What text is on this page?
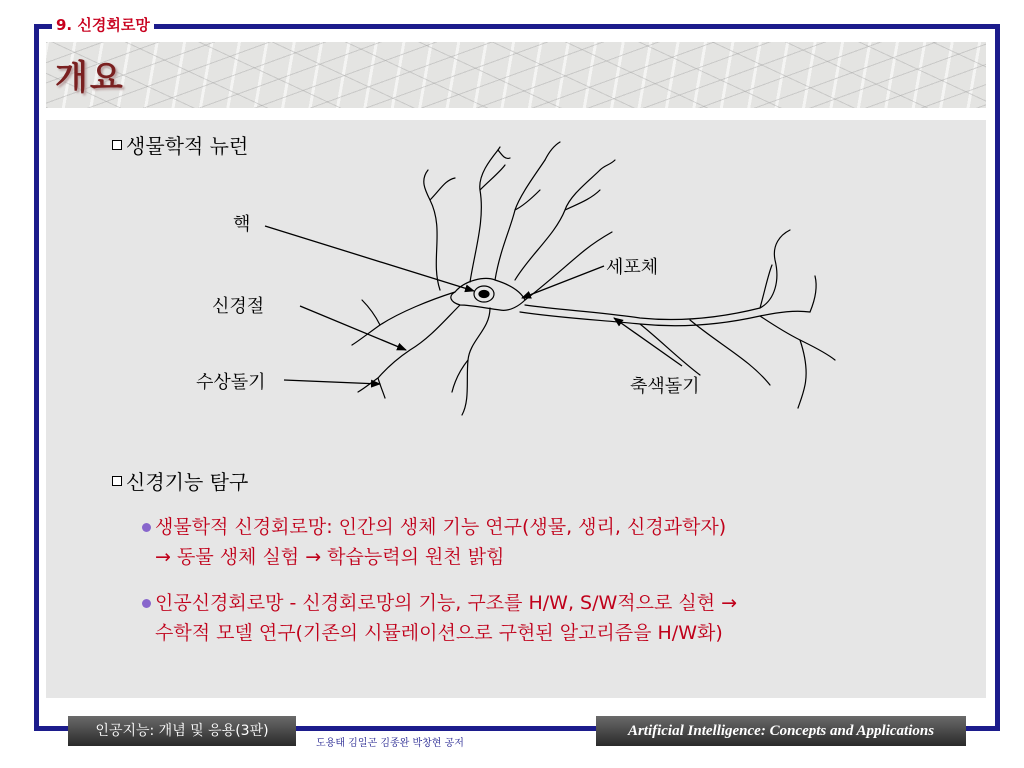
9. 신경회로망
개요
생물학적 뉴런
핵
세포체
신경절
수상돌기	축색돌기
신경기능 탐구
생물학적 신경회로망: 인간의 생체 기능 연구(생물, 생리, 신경과학자)
→ 동물 생체 실험 → 학습능력의 원천 밝힘
인공신경회로망 - 신경회로망의 기능, 구조를 H/W, S/W적으로 실현 →
수학적 모델 연구(기존의 시뮬레이션으로 구현된 알고리즘을 H/W화)
인공지능: 개념 및 응용(3판)
도용태 김일곤 김종완 박창현 공저
Artificial Intelligence: Concepts and Applications
